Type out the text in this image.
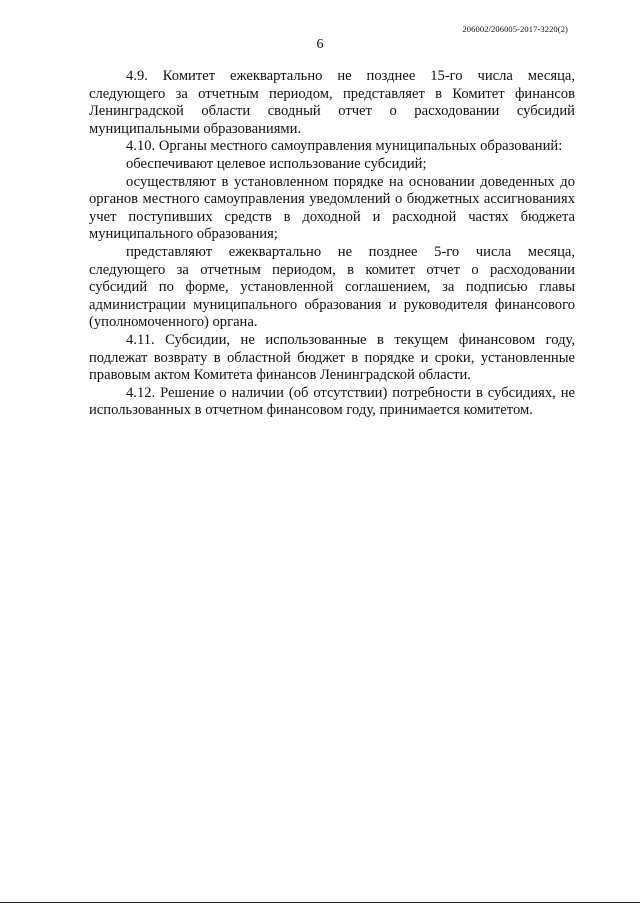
206002/206005-2017-3220(2)
6

4.9. Комитет ежеквартально не позднее 15-го числа месяца, следующего за отчетным периодом, представляет в Комитет финансов Ленинградской области сводный отчет о расходовании субсидий муниципальными образованиями.

4.10. Органы местного самоуправления муниципальных образований:

обеспечивают целевое использование субсидий;

осуществляют в установленном порядке на основании доведенных до органов местного самоуправления уведомлений о бюджетных ассигнованиях учет поступивших средств в доходной и расходной частях бюджета муниципального образования;

представляют ежеквартально не позднее 5-го числа месяца, следующего за отчетным периодом, в комитет отчет о расходовании субсидий по форме, установленной соглашением, за подписью главы администрации муниципального образования и руководителя финансового (уполномоченного) органа.

4.11. Субсидии, не использованные в текущем финансовом году, подлежат возврату в областной бюджет в порядке и сроки, установленные правовым актом Комитета финансов Ленинградской области.

4.12. Решение о наличии (об отсутствии) потребности в субсидиях, не использованных в отчетном финансовом году, принимается комитетом.
